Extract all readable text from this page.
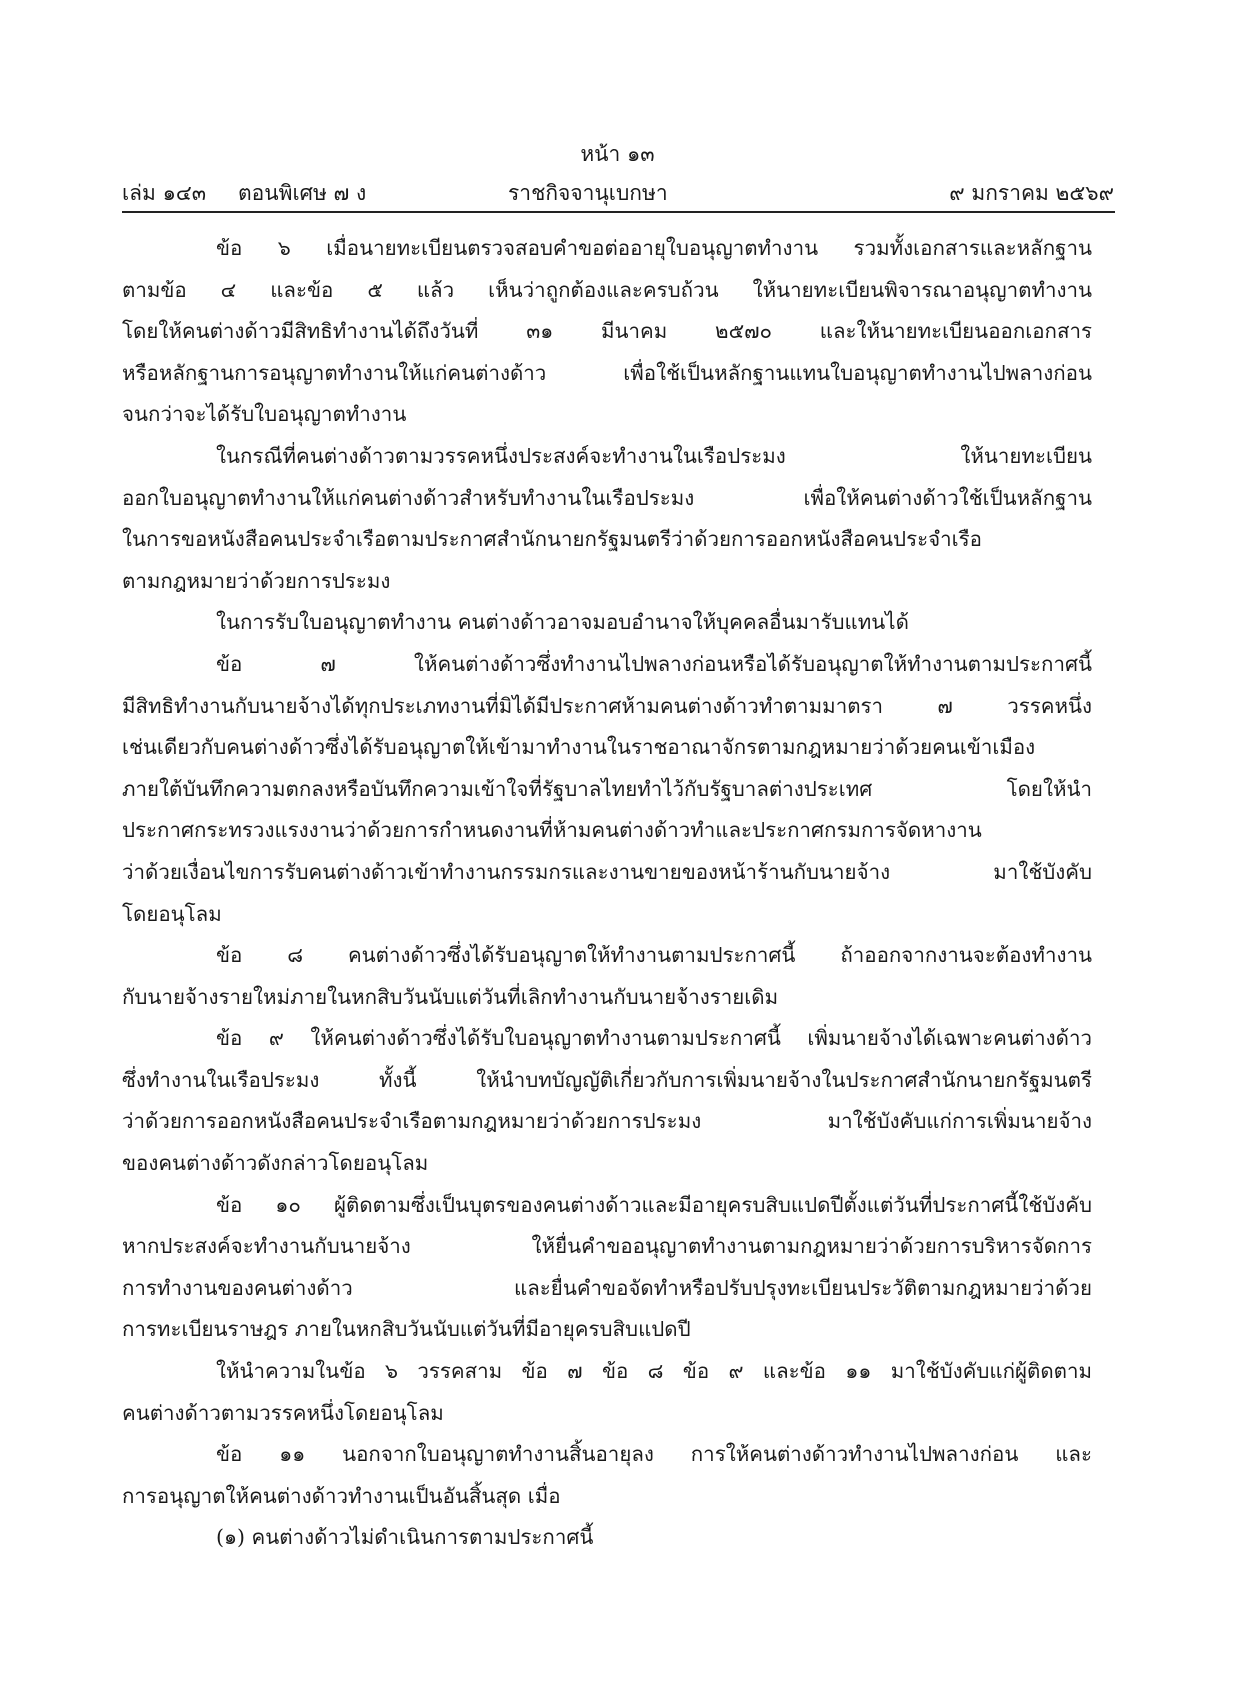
หน้า ๑๓
เล่ม ๑๔๓ ตอนพิเศษ ๗ ง	ราชกิจจานุเบกษา	๙ มกราคม ๒๕๖๙
ข้อ ๖ เมื่อนายทะเบียนตรวจสอบคำขอต่ออายุใบอนุญาตทำงาน รวมทั้งเอกสารและหลักฐาน
ตามข้อ ๔ และข้อ ๕ แล้ว เห็นว่าถูกต้องและครบถ้วน ให้นายทะเบียนพิจารณาอนุญาตทำงาน
โดยให้คนต่างด้าวมีสิทธิทำงานได้ถึงวันที่ ๓๑ มีนาคม ๒๕๗๐ และให้นายทะเบียนออกเอกสาร
หรือหลักฐานการอนุญาตทำงานให้แก่คนต่างด้าว เพื่อใช้เป็นหลักฐานแทนใบอนุญาตทำงานไปพลางก่อน
จนกว่าจะได้รับใบอนุญาตทำงาน
ในกรณีที่คนต่างด้าวตามวรรคหนึ่งประสงค์จะทำงานในเรือประมง ให้นายทะเบียน
ออกใบอนุญาตทำงานให้แก่คนต่างด้าวสำหรับทำงานในเรือประมง เพื่อให้คนต่างด้าวใช้เป็นหลักฐาน
ในการขอหนังสือคนประจำเรือตามประกาศสำนักนายกรัฐมนตรีว่าด้วยการออกหนังสือคนประจำเรือ
ตามกฎหมายว่าด้วยการประมง
ในการรับใบอนุญาตทำงาน คนต่างด้าวอาจมอบอำนาจให้บุคคลอื่นมารับแทนได้
ข้อ ๗ ให้คนต่างด้าวซึ่งทำงานไปพลางก่อนหรือได้รับอนุญาตให้ทำงานตามประกาศนี้
มีสิทธิทำงานกับนายจ้างได้ทุกประเภทงานที่มิได้มีประกาศห้ามคนต่างด้าวทำตามมาตรา ๗ วรรคหนึ่ง
เช่นเดียวกับคนต่างด้าวซึ่งได้รับอนุญาตให้เข้ามาทำงานในราชอาณาจักรตามกฎหมายว่าด้วยคนเข้าเมือง
ภายใต้บันทึกความตกลงหรือบันทึกความเข้าใจที่รัฐบาลไทยทำไว้กับรัฐบาลต่างประเทศ โดยให้นำ
ประกาศกระทรวงแรงงานว่าด้วยการกำหนดงานที่ห้ามคนต่างด้าวทำและประกาศกรมการจัดหางาน
ว่าด้วยเงื่อนไขการรับคนต่างด้าวเข้าทำงานกรรมกรและงานขายของหน้าร้านกับนายจ้าง มาใช้บังคับ
โดยอนุโลม
ข้อ ๘ คนต่างด้าวซึ่งได้รับอนุญาตให้ทำงานตามประกาศนี้ ถ้าออกจากงานจะต้องทำงาน
กับนายจ้างรายใหม่ภายในหกสิบวันนับแต่วันที่เลิกทำงานกับนายจ้างรายเดิม
ข้อ ๙ ให้คนต่างด้าวซึ่งได้รับใบอนุญาตทำงานตามประกาศนี้ เพิ่มนายจ้างได้เฉพาะคนต่างด้าว
ซึ่งทำงานในเรือประมง ทั้งนี้ ให้นำบทบัญญัติเกี่ยวกับการเพิ่มนายจ้างในประกาศสำนักนายกรัฐมนตรี
ว่าด้วยการออกหนังสือคนประจำเรือตามกฎหมายว่าด้วยการประมง มาใช้บังคับแก่การเพิ่มนายจ้าง
ของคนต่างด้าวดังกล่าวโดยอนุโลม
ข้อ ๑๐ ผู้ติดตามซึ่งเป็นบุตรของคนต่างด้าวและมีอายุครบสิบแปดปีตั้งแต่วันที่ประกาศนี้ใช้บังคับ
หากประสงค์จะทำงานกับนายจ้าง ให้ยื่นคำขออนุญาตทำงานตามกฎหมายว่าด้วยการบริหารจัดการ
การทำงานของคนต่างด้าว และยื่นคำขอจัดทำหรือปรับปรุงทะเบียนประวัติตามกฎหมายว่าด้วย
การทะเบียนราษฎร ภายในหกสิบวันนับแต่วันที่มีอายุครบสิบแปดปี
ให้นำความในข้อ ๖ วรรคสาม ข้อ ๗ ข้อ ๘ ข้อ ๙ และข้อ ๑๑ มาใช้บังคับแก่ผู้ติดตาม
คนต่างด้าวตามวรรคหนึ่งโดยอนุโลม
ข้อ ๑๑ นอกจากใบอนุญาตทำงานสิ้นอายุลง การให้คนต่างด้าวทำงานไปพลางก่อน และ
การอนุญาตให้คนต่างด้าวทำงานเป็นอันสิ้นสุด เมื่อ
(๑) คนต่างด้าวไม่ดำเนินการตามประกาศนี้
